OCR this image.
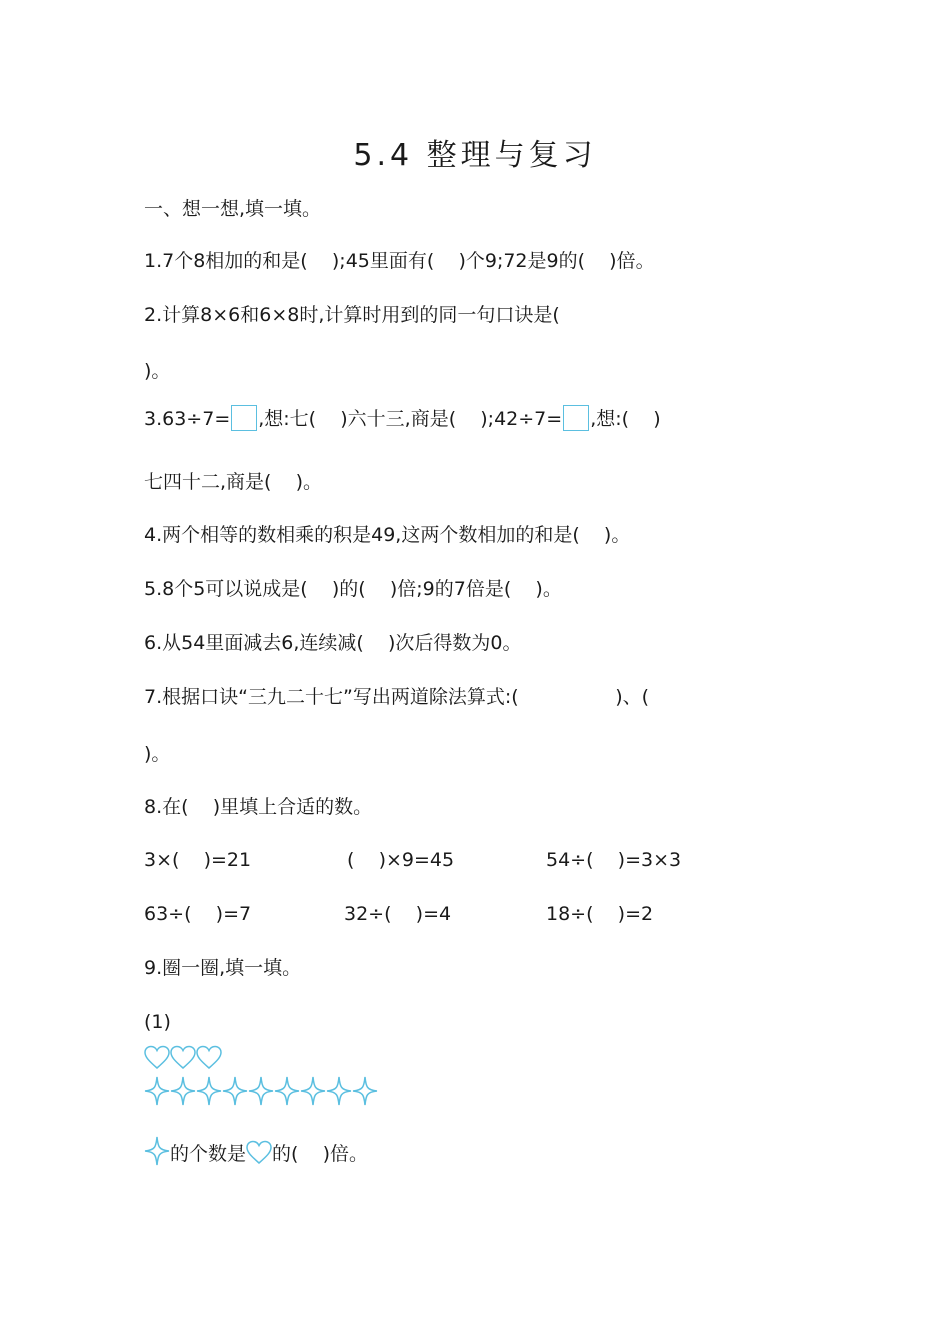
5.4 整理与复习
一、想一想,填一填。
1.7个8相加的和是(    );45里面有(    )个9;72是9的(    )倍。
2.计算8×6和6×8时,计算时用到的同一句口诀是(
)。
3.63÷7= ,想:七(    )六十三,商是(    );42÷7= ,想:(    )
七四十二,商是(    )。
4.两个相等的数相乘的积是49,这两个数相加的和是(    )。
5.8个5可以说成是(    )的(    )倍;9的7倍是(    )。
6.从54里面减去6,连续减(    )次后得数为0。
7.根据口诀“三九二十七”写出两道除法算式:(                )、(
)。
8.在(    )里填上合适的数。
3×(    )=21	(    )×9=45	54÷(    )=3×3
63÷(    )=7	32÷(    )=4	18÷(    )=2
9.圈一圈,填一填。
(1)
的个数是 的(    )倍。
